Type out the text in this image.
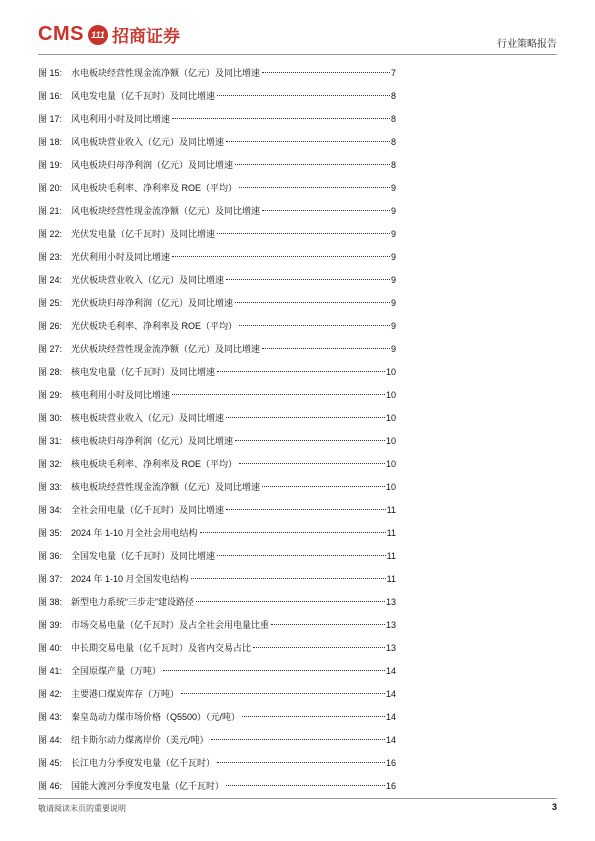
CMS 111 招商证券	行业策略报告
图 15: 水电板块经营性现金流净额（亿元）及同比增速	7
图 16: 风电发电量（亿千瓦时）及同比增速	8
图 17: 风电利用小时及同比增速	8
图 18: 风电板块营业收入（亿元）及同比增速	8
图 19: 风电板块归母净利润（亿元）及同比增速	8
图 20: 风电板块毛利率、净利率及 ROE（平均）	9
图 21: 风电板块经营性现金流净额（亿元）及同比增速	9
图 22: 光伏发电量（亿千瓦时）及同比增速	9
图 23: 光伏利用小时及同比增速	9
图 24: 光伏板块营业收入（亿元）及同比增速	9
图 25: 光伏板块归母净利润（亿元）及同比增速	9
图 26: 光伏板块毛利率、净利率及 ROE（平均）	9
图 27: 光伏板块经营性现金流净额（亿元）及同比增速	9
图 28: 核电发电量（亿千瓦时）及同比增速	10
图 29: 核电利用小时及同比增速	10
图 30: 核电板块营业收入（亿元）及同比增速	10
图 31: 核电板块归母净利润（亿元）及同比增速	10
图 32: 核电板块毛利率、净利率及 ROE（平均）	10
图 33: 核电板块经营性现金流净额（亿元）及同比增速	10
图 34: 全社会用电量（亿千瓦时）及同比增速	11
图 35: 2024 年 1-10 月全社会用电结构	11
图 36: 全国发电量（亿千瓦时）及同比增速	11
图 37: 2024 年 1-10 月全国发电结构	11
图 38: 新型电力系统“三步走”建设路径	13
图 39: 市场交易电量（亿千瓦时）及占全社会用电量比重	13
图 40: 中长期交易电量（亿千瓦时）及省内交易占比	13
图 41: 全国原煤产量（万吨）	14
图 42: 主要港口煤炭库存（万吨）	14
图 43: 秦皇岛动力煤市场价格（Q5500）（元/吨）	14
图 44: 纽卡斯尔动力煤离岸价（美元/吨）	14
图 45: 长江电力分季度发电量（亿千瓦时）	16
图 46: 国能大渡河分季度发电量（亿千瓦时）	16
敬请阅读末页的重要说明	3
